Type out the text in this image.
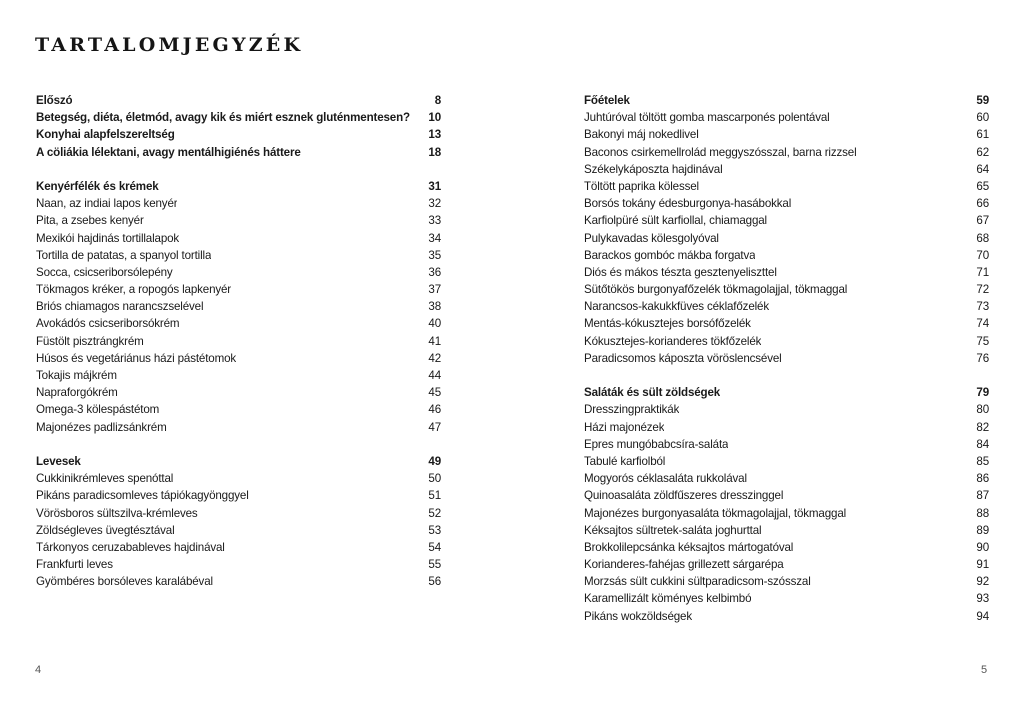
TARTALOMJEGYZÉK
Előszó	8
Betegség, diéta, életmód, avagy kik és miért esznek gluténmentesen?	10
Konyhai alapfelszereltség	13
A cöliákia lélektani, avagy mentálhigiénés háttere	18
Kenyérfélék és krémek	31
Naan, az indiai lapos kenyér	32
Pita, a zsebes kenyér	33
Mexikói hajdinás tortillalapok	34
Tortilla de patatas, a spanyol tortilla	35
Socca, csicseriborsólepény	36
Tökmagos kréker, a ropogós lapkenyér	37
Briós chiamagos narancszselével	38
Avokádós csicseriborsókrém	40
Füstölt pisztrángkrém	41
Húsos és vegetáriánus házi pástétomok	42
Tokajis májkrém	44
Napraforgókrém	45
Omega-3 kölespástétom	46
Majonézes padlizsánkrém	47
Levesek	49
Cukkinikrémleves spenóttal	50
Pikáns paradicsomleves tápiókagyönggyel	51
Vörösboros sültszilva-krémleves	52
Zöldségleves üvegtésztával	53
Tárkonyos ceruzabableves hajdinával	54
Frankfurti leves	55
Gyömbéres borsóleves karalábéval	56
Főételek	59
Juhtúróval töltött gomba mascarponés polentával	60
Bakonyi máj nokedlivel	61
Baconos csirkemellrolád meggyszósszal, barna rizzsel	62
Székelykáposzta hajdinával	64
Töltött paprika kölessel	65
Borsós tokány édesburgonya-hasábokkal	66
Karfiolpüré sült karfiollal, chiamaggal	67
Pulykavadas kölesgolyóval	68
Barackos gombóc mákba forgatva	70
Diós és mákos tészta gesztenyeliszttel	71
Sütőtökös burgonyafőzelék tökmagolajjal, tökmaggal	72
Narancsos-kakukkfüves céklafőzelék	73
Mentás-kókusztejes borsófőzelék	74
Kókusztejes-korianderes tökfőzelék	75
Paradicsomos káposzta vöröslencsével	76
Saláták és sült zöldségek	79
Dresszingpraktikák	80
Házi majonézek	82
Epres mungóbabcsíra-saláta	84
Tabulé karfiolból	85
Mogyorós céklasaláta rukkolával	86
Quinoasaláta zöldfűszeres dresszinggel	87
Majonézes burgonyasaláta tökmagolajjal, tökmaggal	88
Kéksajtos sültretek-saláta joghurttal	89
Brokkolilepcsánka kéksajtos mártogatóval	90
Korianderes-fahéjas grillezett sárgarépa	91
Morzsás sült cukkini sültparadicsom-szósszal	92
Karamellizált köményes kelbimbó	93
Pikáns wokzöldségek	94
4	5
